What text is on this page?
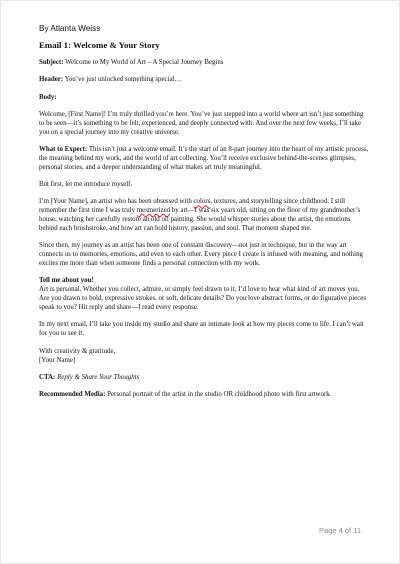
By Atlanta Weiss
Email 1: Welcome & Your Story

Subject: Welcome to My World of Art – A Special Journey Begins

Header: You’ve just unlocked something special…

Body:

Welcome, [First Name]! I’m truly thrilled you’re here. You’ve just stepped into a world where art isn’t just something to be seen—it’s something to be felt, experienced, and deeply connected with. And over the next few weeks, I’ll take you on a special journey into my creative universe.

What to Expect: This isn’t just a welcome email. It’s the start of an 8-part journey into the heart of my artistic process, the meaning behind my work, and the world of art collecting. You’ll receive exclusive behind-the-scenes glimpses, personal stories, and a deeper understanding of what makes art truly meaningful.

But first, let me introduce myself.

I’m [Your Name], an artist who has been obsessed with colors, textures, and storytelling since childhood. I still remember the first time I was truly mesmerized by art—I was six years old, sitting on the floor of my grandmother’s house, watching her carefully restore an old oil painting. She would whisper stories about the artist, the emotions behind each brushstroke, and how art can hold history, passion, and soul. That moment shaped me.

Since then, my journey as an artist has been one of constant discovery—not just in technique, but in the way art connects us to memories, emotions, and even to each other. Every piece I create is infused with meaning, and nothing excites me more than when someone finds a personal connection with my work.

Tell me about you!
Art is personal. Whether you collect, admire, or simply feel drawn to it, I’d love to hear what kind of art moves you. Are you drawn to bold, expressive strokes, or soft, delicate details? Do you love abstract forms, or do figurative pieces speak to you? Hit reply and share—I read every response.

In my next email, I’ll take you inside my studio and share an intimate look at how my pieces come to life. I can’t wait for you to see it.

With creativity & gratitude,
[Your Name]

CTA: Reply & Share Your Thoughts

Recommended Media: Personal portrait of the artist in the studio OR childhood photo with first artwork.

Page 4 of 11
